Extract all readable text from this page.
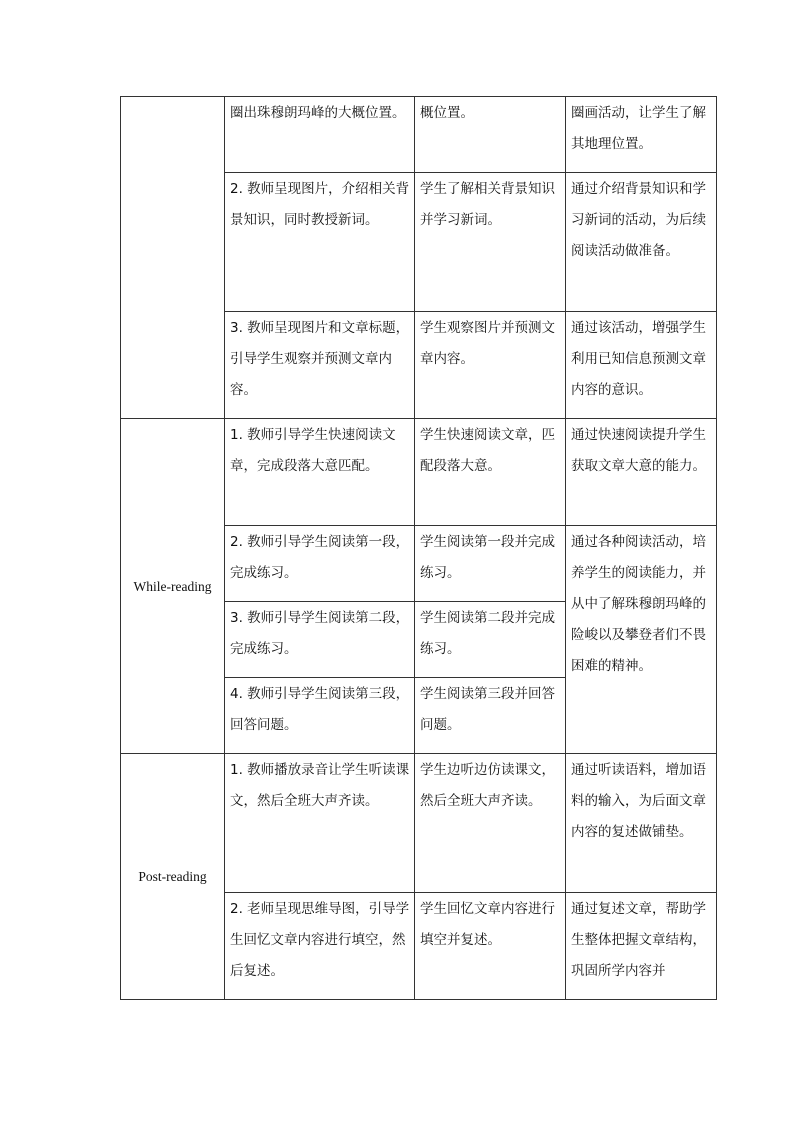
	圈出珠穆朗玛峰的大概位置。	概位置。	圈画活动，让学生了解其地理位置。
	2. 教师呈现图片，介绍相关背景知识，同时教授新词。	学生了解相关背景知识并学习新词。	通过介绍背景知识和学习新词的活动，为后续阅读活动做准备。
	3. 教师呈现图片和文章标题，引导学生观察并预测文章内容。	学生观察图片并预测文章内容。	通过该活动，增强学生利用已知信息预测文章内容的意识。
While-reading	1. 教师引导学生快速阅读文章，完成段落大意匹配。	学生快速阅读文章，匹配段落大意。	通过快速阅读提升学生获取文章大意的能力。
	2. 教师引导学生阅读第一段，完成练习。	学生阅读第一段并完成练习。	通过各种阅读活动，培养学生的阅读能力，并从中了解珠穆朗玛峰的险峻以及攀登者们不畏困难的精神。
	3. 教师引导学生阅读第二段，完成练习。	学生阅读第二段并完成练习。	
	4. 教师引导学生阅读第三段，回答问题。	学生阅读第三段并回答问题。	
Post-reading	1. 教师播放录音让学生听读课文，然后全班大声齐读。	学生边听边仿读课文，然后全班大声齐读。	通过听读语料，增加语料的输入，为后面文章内容的复述做铺垫。
	2. 老师呈现思维导图，引导学生回忆文章内容进行填空，然后复述。	学生回忆文章内容进行填空并复述。	通过复述文章，帮助学生整体把握文章结构，巩固所学内容并
